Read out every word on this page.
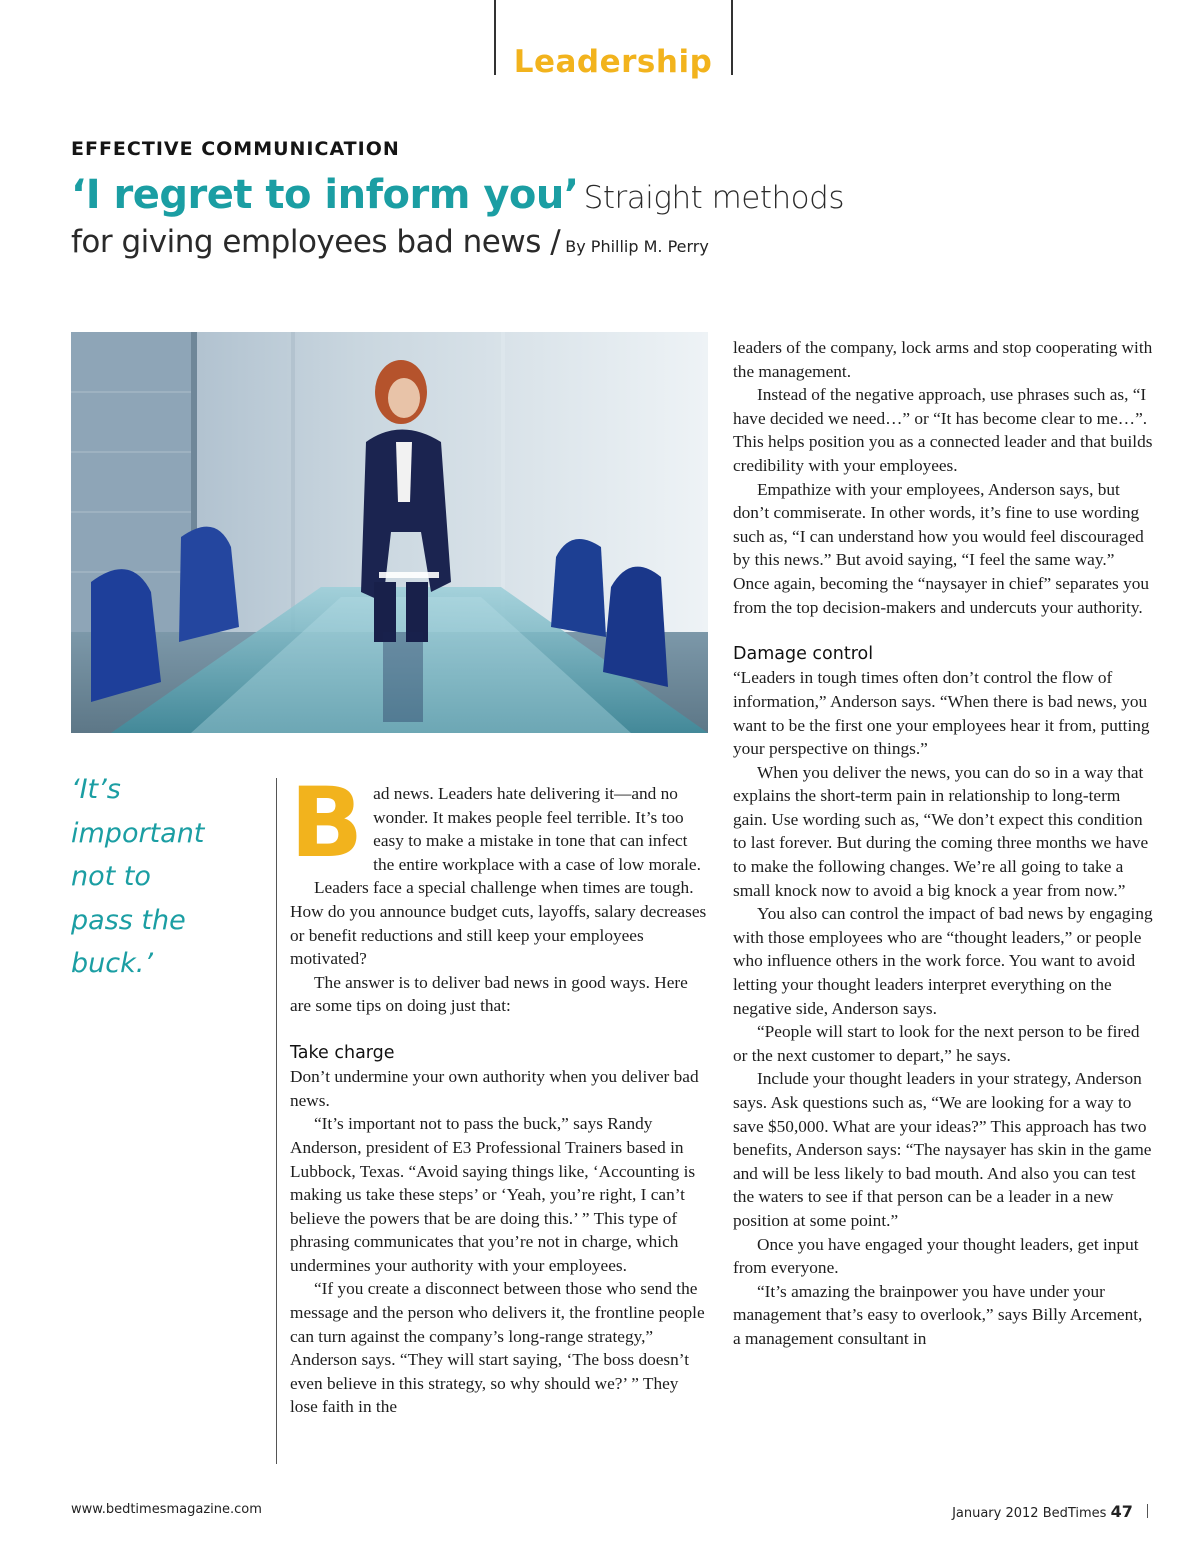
Leadership
EFFECTIVE COMMUNICATION
‘I regret to inform you’ Straight methods
for giving employees bad news / By Phillip M. Perry
‘It’s
important
not to
pass the
buck.’
B ad news. Leaders hate delivering it—and no wonder. It makes people feel terrible. It’s too easy to make a mistake in tone that can infect the entire workplace with a case of low morale.

Leaders face a special challenge when times are tough. How do you announce budget cuts, layoffs, salary decreases or benefit reductions and still keep your employees motivated?

The answer is to deliver bad news in good ways. Here are some tips on doing just that:

Take charge

Don’t undermine your own authority when you deliver bad news.

“It’s important not to pass the buck,” says Randy Anderson, president of E3 Professional Trainers based in Lubbock, Texas. “Avoid saying things like, ‘Accounting is making us take these steps’ or ‘Yeah, you’re right, I can’t believe the powers that be are doing this.’ ” This type of phrasing communicates that you’re not in charge, which undermines your authority with your employees.

“If you create a disconnect between those who send the message and the person who delivers it, the frontline people can turn against the company’s long-range strategy,” Anderson says. “They will start saying, ‘The boss doesn’t even believe in this strategy, so why should we?’ ” They lose faith in the

leaders of the company, lock arms and stop cooperating with the management.

Instead of the negative approach, use phrases such as, “I have decided we need…” or “It has become clear to me…”. This helps position you as a connected leader and that builds credibility with your employees.

Empathize with your employees, Anderson says, but don’t commiserate. In other words, it’s fine to use wording such as, “I can understand how you would feel discouraged by this news.” But avoid saying, “I feel the same way.” Once again, becoming the “naysayer in chief” separates you from the top decision-makers and undercuts your authority.

Damage control

“Leaders in tough times often don’t control the flow of information,” Anderson says. “When there is bad news, you want to be the first one your employees hear it from, putting your perspective on things.”

When you deliver the news, you can do so in a way that explains the short-term pain in relationship to long-term gain. Use wording such as, “We don’t expect this condition to last forever. But during the coming three months we have to make the following changes. We’re all going to take a small knock now to avoid a big knock a year from now.”

You also can control the impact of bad news by engaging with those employees who are “thought leaders,” or people who influence others in the work force. You want to avoid letting your thought leaders interpret everything on the negative side, Anderson says.

“People will start to look for the next person to be fired or the next customer to depart,” he says.

Include your thought leaders in your strategy, Anderson says. Ask questions such as, “We are looking for a way to save $50,000. What are your ideas?” This approach has two benefits, Anderson says: “The naysayer has skin in the game and will be less likely to bad mouth. And also you can test the waters to see if that person can be a leader in a new position at some point.”

Once you have engaged your thought leaders, get input from everyone.

“It’s amazing the brainpower you have under your management that’s easy to overlook,” says Billy Arcement, a management consultant in

www.bedtimesmagazine.com	January 2012 BedTimes 47
